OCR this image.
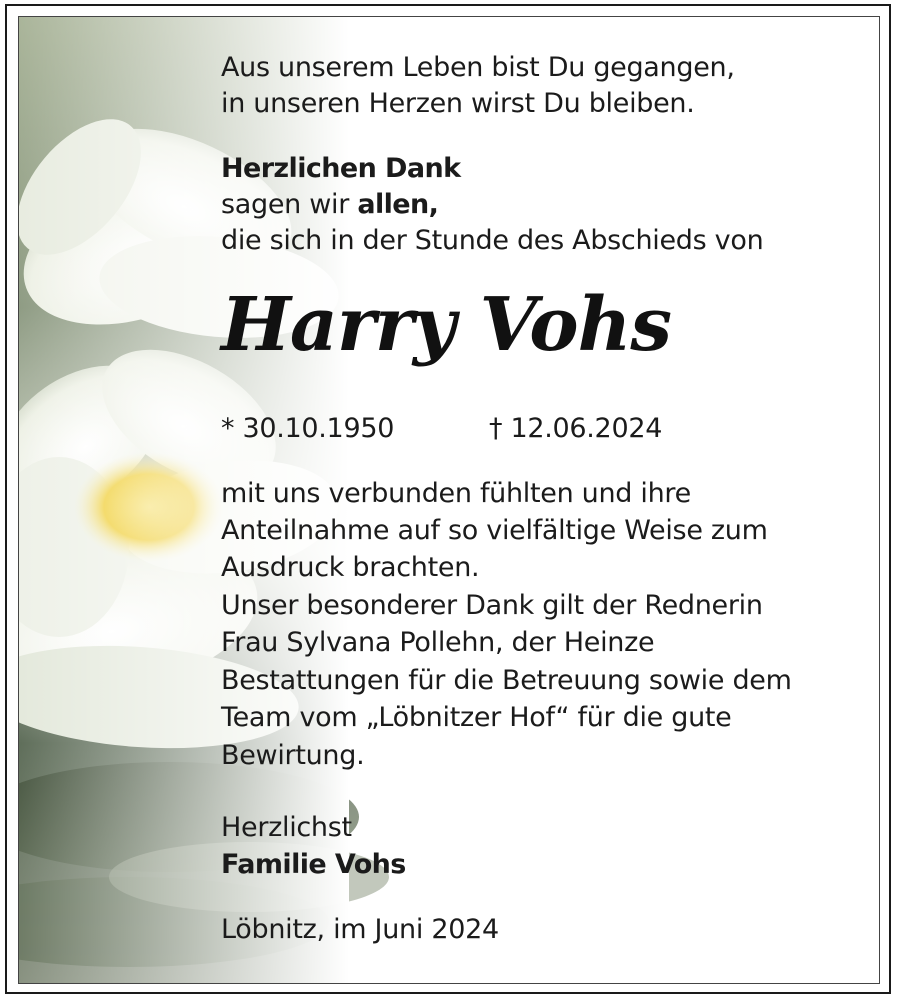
Aus unserem Leben bist Du gegangen,
in unseren Herzen wirst Du bleiben.
Herzlichen Dank
sagen wir allen,
die sich in der Stunde des Abschieds von
Harry Vohs
* 30.10.1950	† 12.06.2024
mit uns verbunden fühlten und ihre
Anteilnahme auf so vielfältige Weise zum
Ausdruck brachten.
Unser besonderer Dank gilt der Rednerin
Frau Sylvana Pollehn, der Heinze
Bestattungen für die Betreuung sowie dem
Team vom „Löbnitzer Hof“ für die gute
Bewirtung.
Herzlichst
Familie Vohs
Löbnitz, im Juni 2024
